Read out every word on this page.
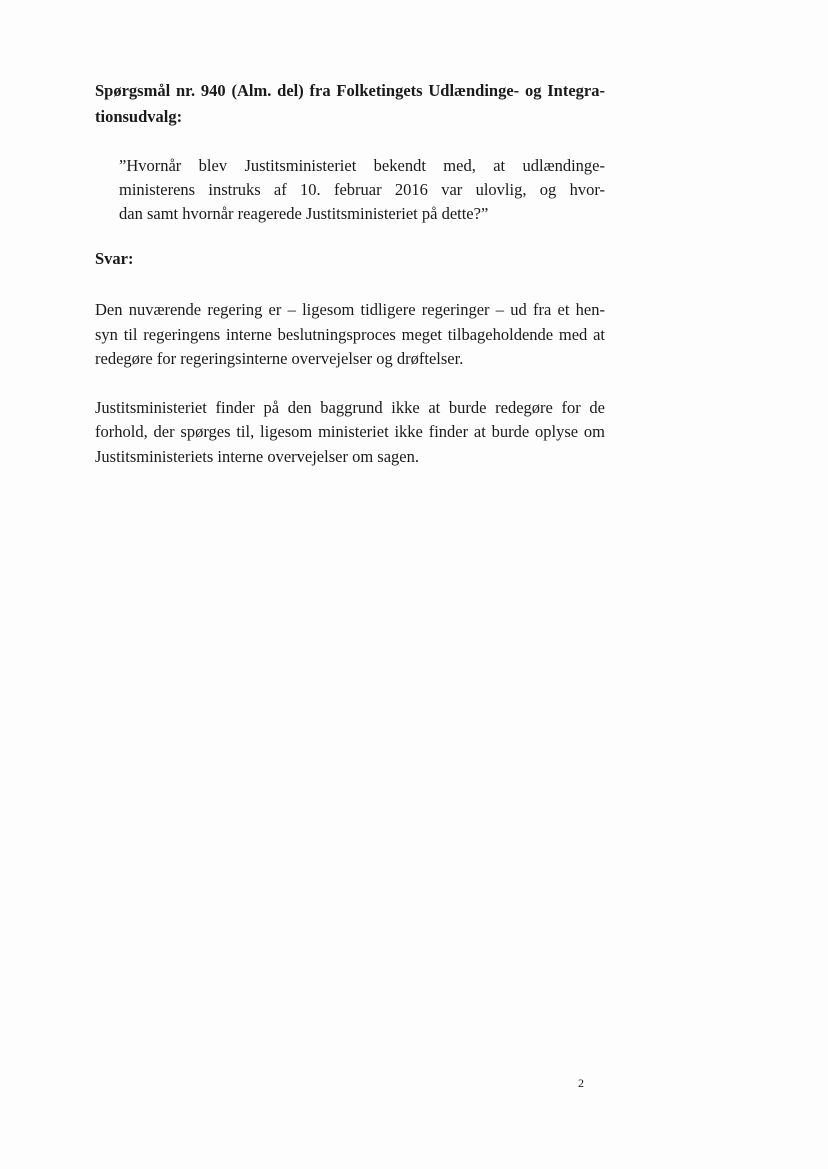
Spørgsmål nr. 940 (Alm. del) fra Folketingets Udlændinge- og Integra-
tionsudvalg:

”Hvornår blev Justitsministeriet bekendt med, at udlændinge-
ministerens instruks af 10. februar 2016 var ulovlig, og hvor-
dan samt hvornår reagerede Justitsministeriet på dette?”

Svar:

Den nuværende regering er – ligesom tidligere regeringer – ud fra et hen-
syn til regeringens interne beslutningsproces meget tilbageholdende med at
redegøre for regeringsinterne overvejelser og drøftelser.

Justitsministeriet finder på den baggrund ikke at burde redegøre for de
forhold, der spørges til, ligesom ministeriet ikke finder at burde oplyse om
Justitsministeriets interne overvejelser om sagen.

2
